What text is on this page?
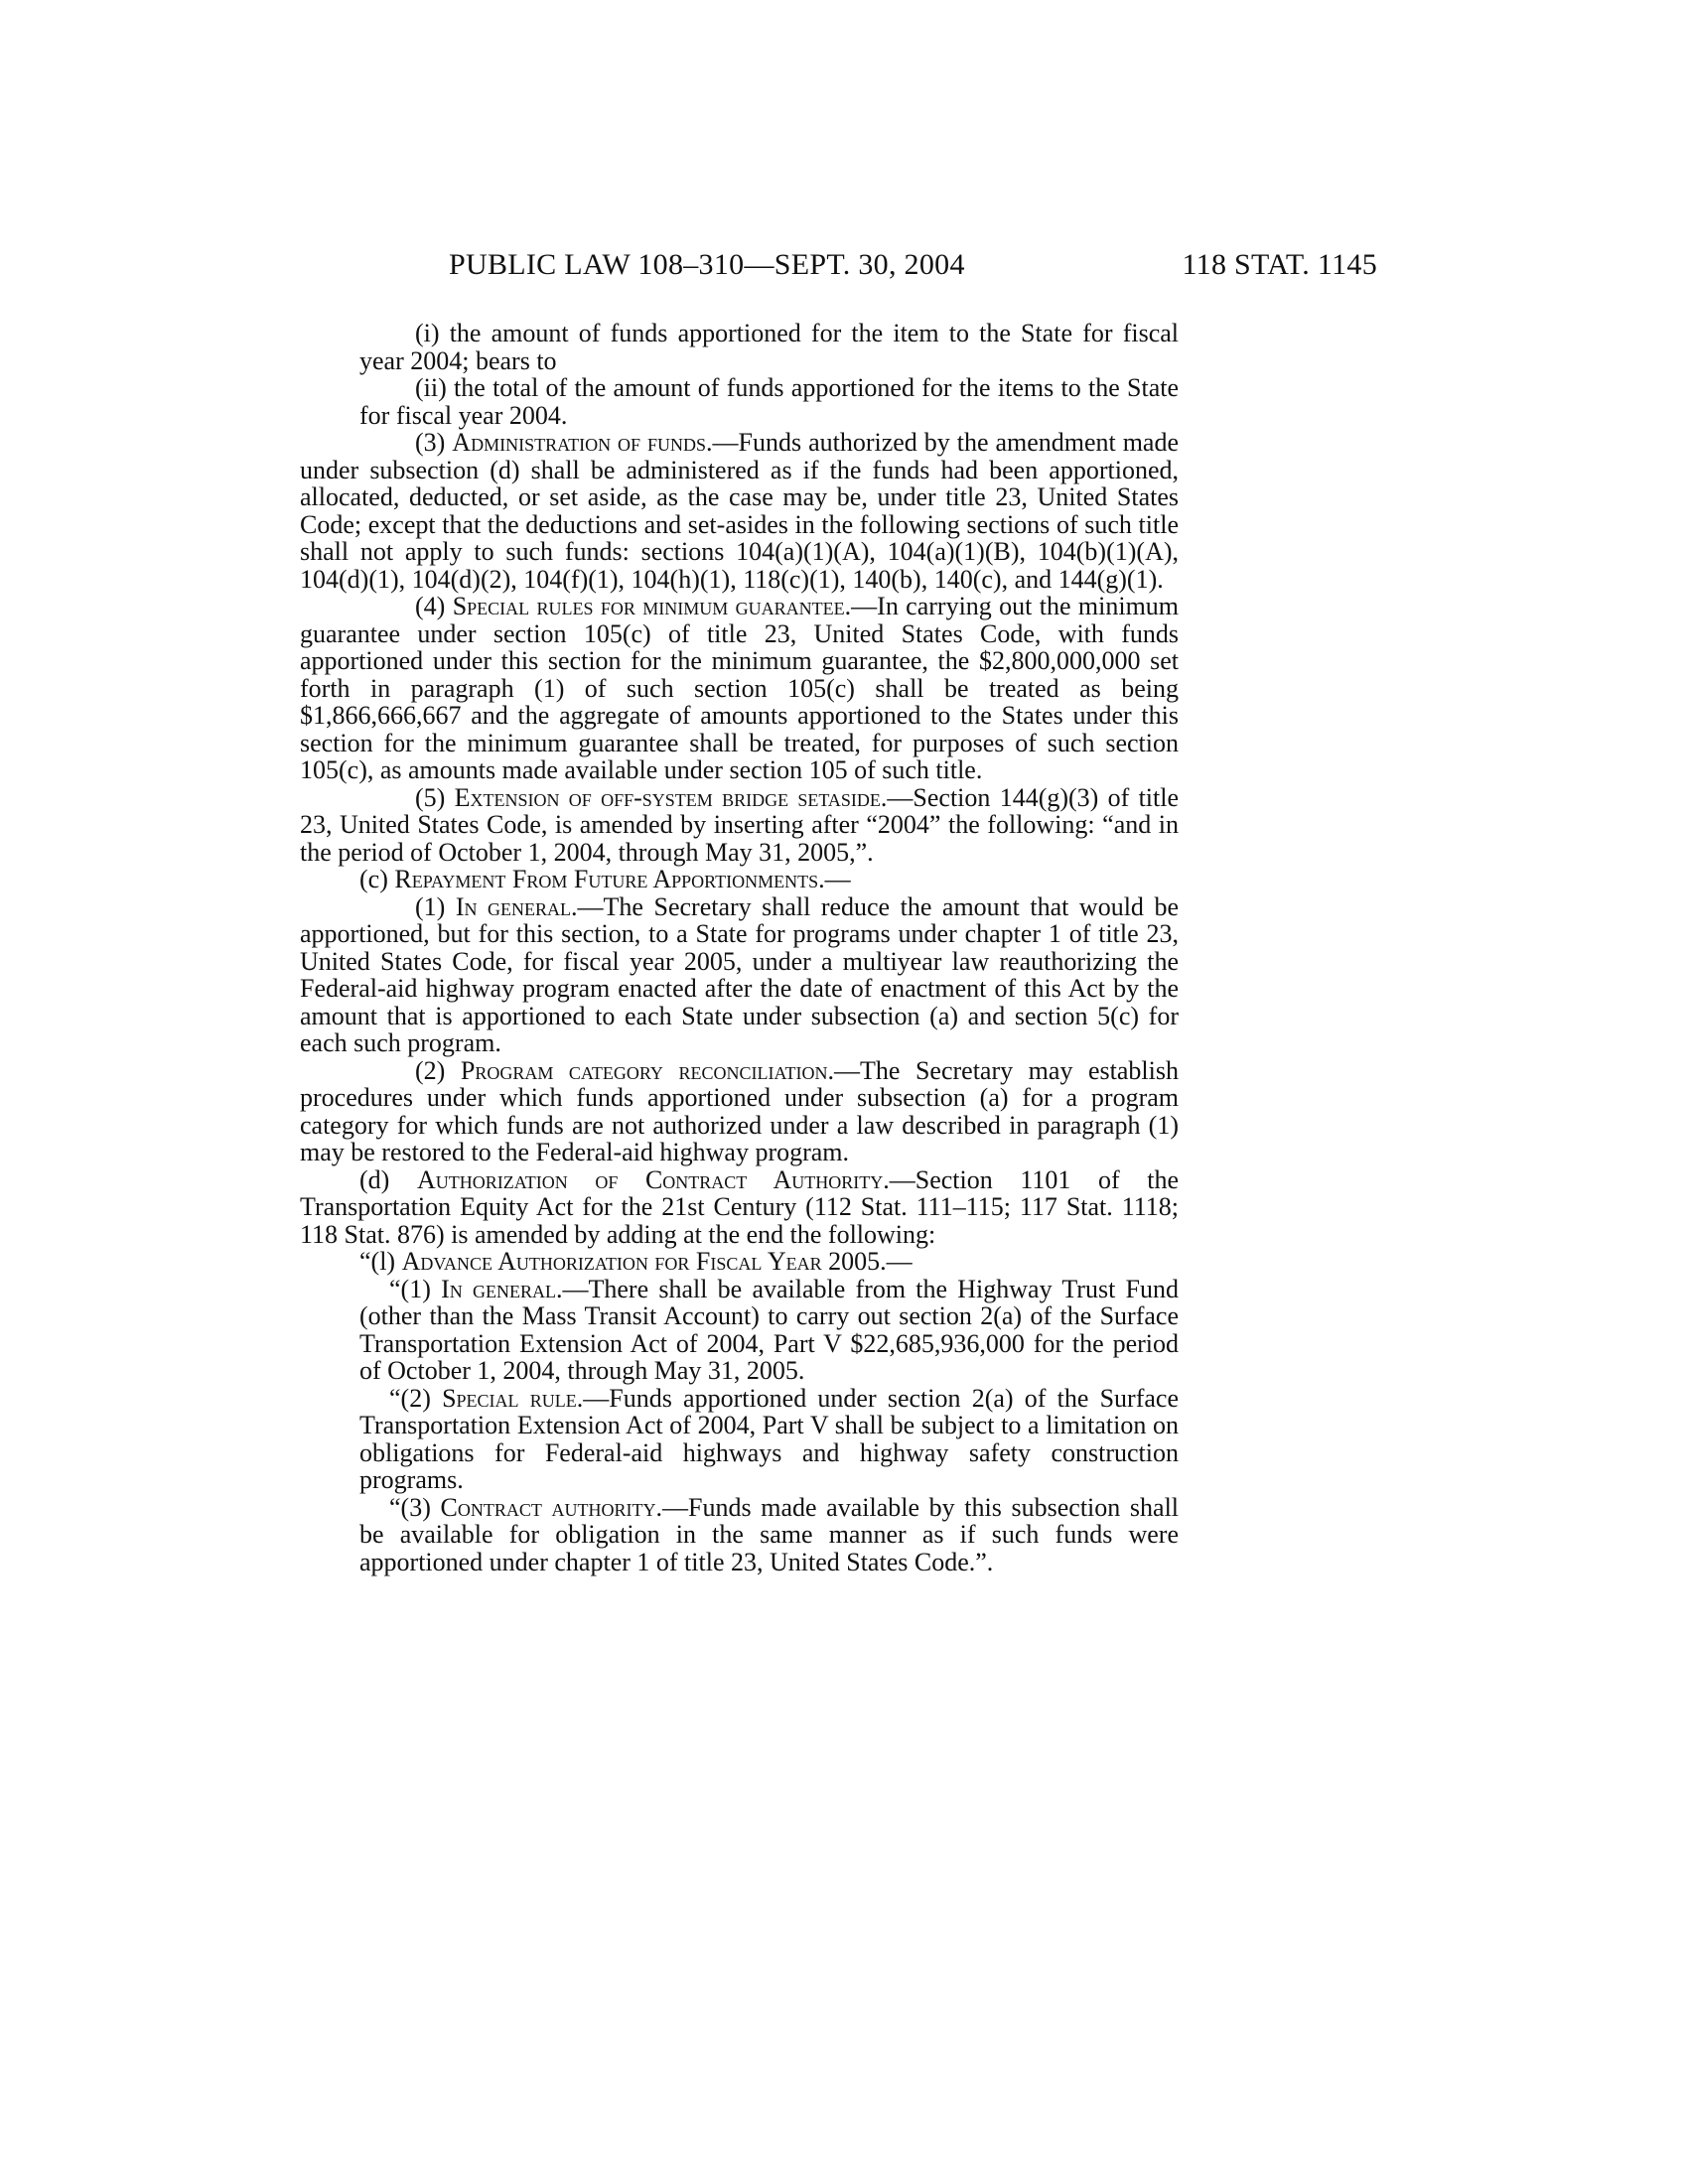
PUBLIC LAW 108–310—SEPT. 30, 2004	118 STAT. 1145

(i) the amount of funds apportioned for the item to the State for fiscal year 2004; bears to

(ii) the total of the amount of funds apportioned for the items to the State for fiscal year 2004.

(3) Administration of funds.—Funds authorized by the amendment made under subsection (d) shall be administered as if the funds had been apportioned, allocated, deducted, or set aside, as the case may be, under title 23, United States Code; except that the deductions and set-asides in the following sections of such title shall not apply to such funds: sections 104(a)(1)(A), 104(a)(1)(B), 104(b)(1)(A), 104(d)(1), 104(d)(2), 104(f)(1), 104(h)(1), 118(c)(1), 140(b), 140(c), and 144(g)(1).

(4) Special rules for minimum guarantee.—In carrying out the minimum guarantee under section 105(c) of title 23, United States Code, with funds apportioned under this section for the minimum guarantee, the $2,800,000,000 set forth in paragraph (1) of such section 105(c) shall be treated as being $1,866,666,667 and the aggregate of amounts apportioned to the States under this section for the minimum guarantee shall be treated, for purposes of such section 105(c), as amounts made available under section 105 of such title.

(5) Extension of off-system bridge setaside.—Section 144(g)(3) of title 23, United States Code, is amended by inserting after “2004” the following: “and in the period of October 1, 2004, through May 31, 2005,”.

(c) Repayment From Future Apportionments.—

(1) In general.—The Secretary shall reduce the amount that would be apportioned, but for this section, to a State for programs under chapter 1 of title 23, United States Code, for fiscal year 2005, under a multiyear law reauthorizing the Federal-aid highway program enacted after the date of enactment of this Act by the amount that is apportioned to each State under subsection (a) and section 5(c) for each such program.

(2) Program category reconciliation.—The Secretary may establish procedures under which funds apportioned under subsection (a) for a program category for which funds are not authorized under a law described in paragraph (1) may be restored to the Federal-aid highway program.

(d) Authorization of Contract Authority.—Section 1101 of the Transportation Equity Act for the 21st Century (112 Stat. 111–115; 117 Stat. 1118; 118 Stat. 876) is amended by adding at the end the following:

“(l) Advance Authorization for Fiscal Year 2005.—

“(1) In general.—There shall be available from the Highway Trust Fund (other than the Mass Transit Account) to carry out section 2(a) of the Surface Transportation Extension Act of 2004, Part V $22,685,936,000 for the period of October 1, 2004, through May 31, 2005.

“(2) Special rule.—Funds apportioned under section 2(a) of the Surface Transportation Extension Act of 2004, Part V shall be subject to a limitation on obligations for Federal-aid highways and highway safety construction programs.

“(3) Contract authority.—Funds made available by this subsection shall be available for obligation in the same manner as if such funds were apportioned under chapter 1 of title 23, United States Code.”.
